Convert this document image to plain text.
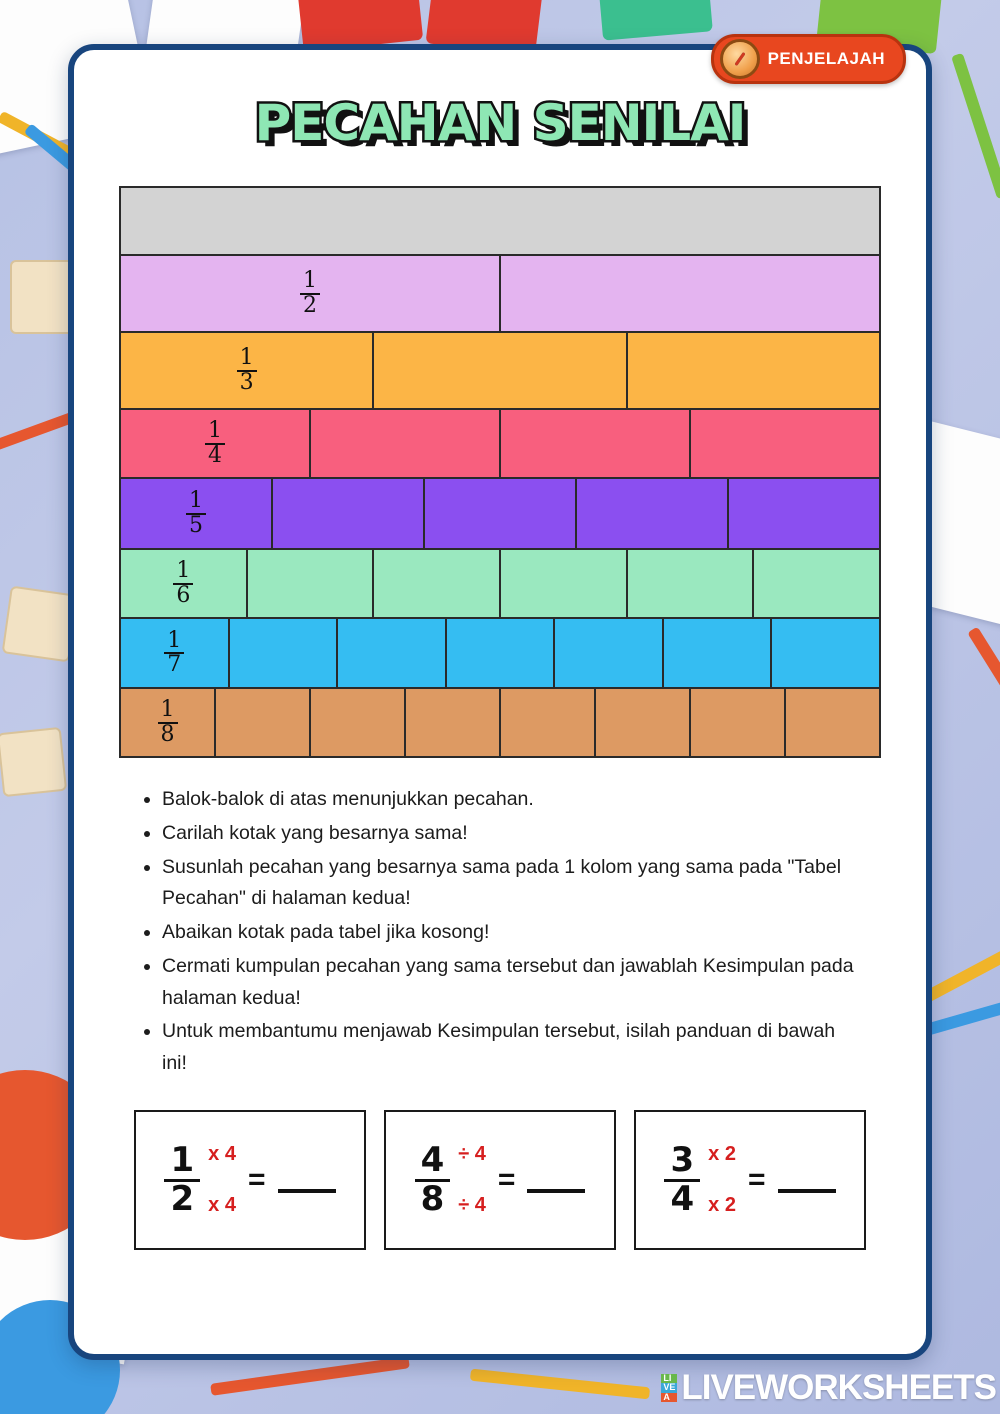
PENJELAJAH
PECAHAN SENILAI
$\frac{1}{2}$
$\frac{1}{3}$
$\frac{1}{4}$
$\frac{1}{5}$
$\frac{1}{6}$
$\frac{1}{7}$
$\frac{1}{8}$
• Balok-balok di atas menunjukkan pecahan.
• Carilah kotak yang besarnya sama!
• Susunlah pecahan yang besarnya sama pada 1 kolom yang sama pada "Tabel Pecahan" di halaman kedua!
• Abaikan kotak pada tabel jika kosong!
• Cermati kumpulan pecahan yang sama tersebut dan jawablah Kesimpulan pada halaman kedua!
• Untuk membantumu menjawab Kesimpulan tersebut, isilah panduan di bawah ini!
$\frac{1}{2}$ x 4
x 4
=	$\frac{4}{8} \div 4$
÷ 4
=	$\frac{3}{4}$ x 2
x 2
=
LI
VE
A LIVEWORKSHEETS
